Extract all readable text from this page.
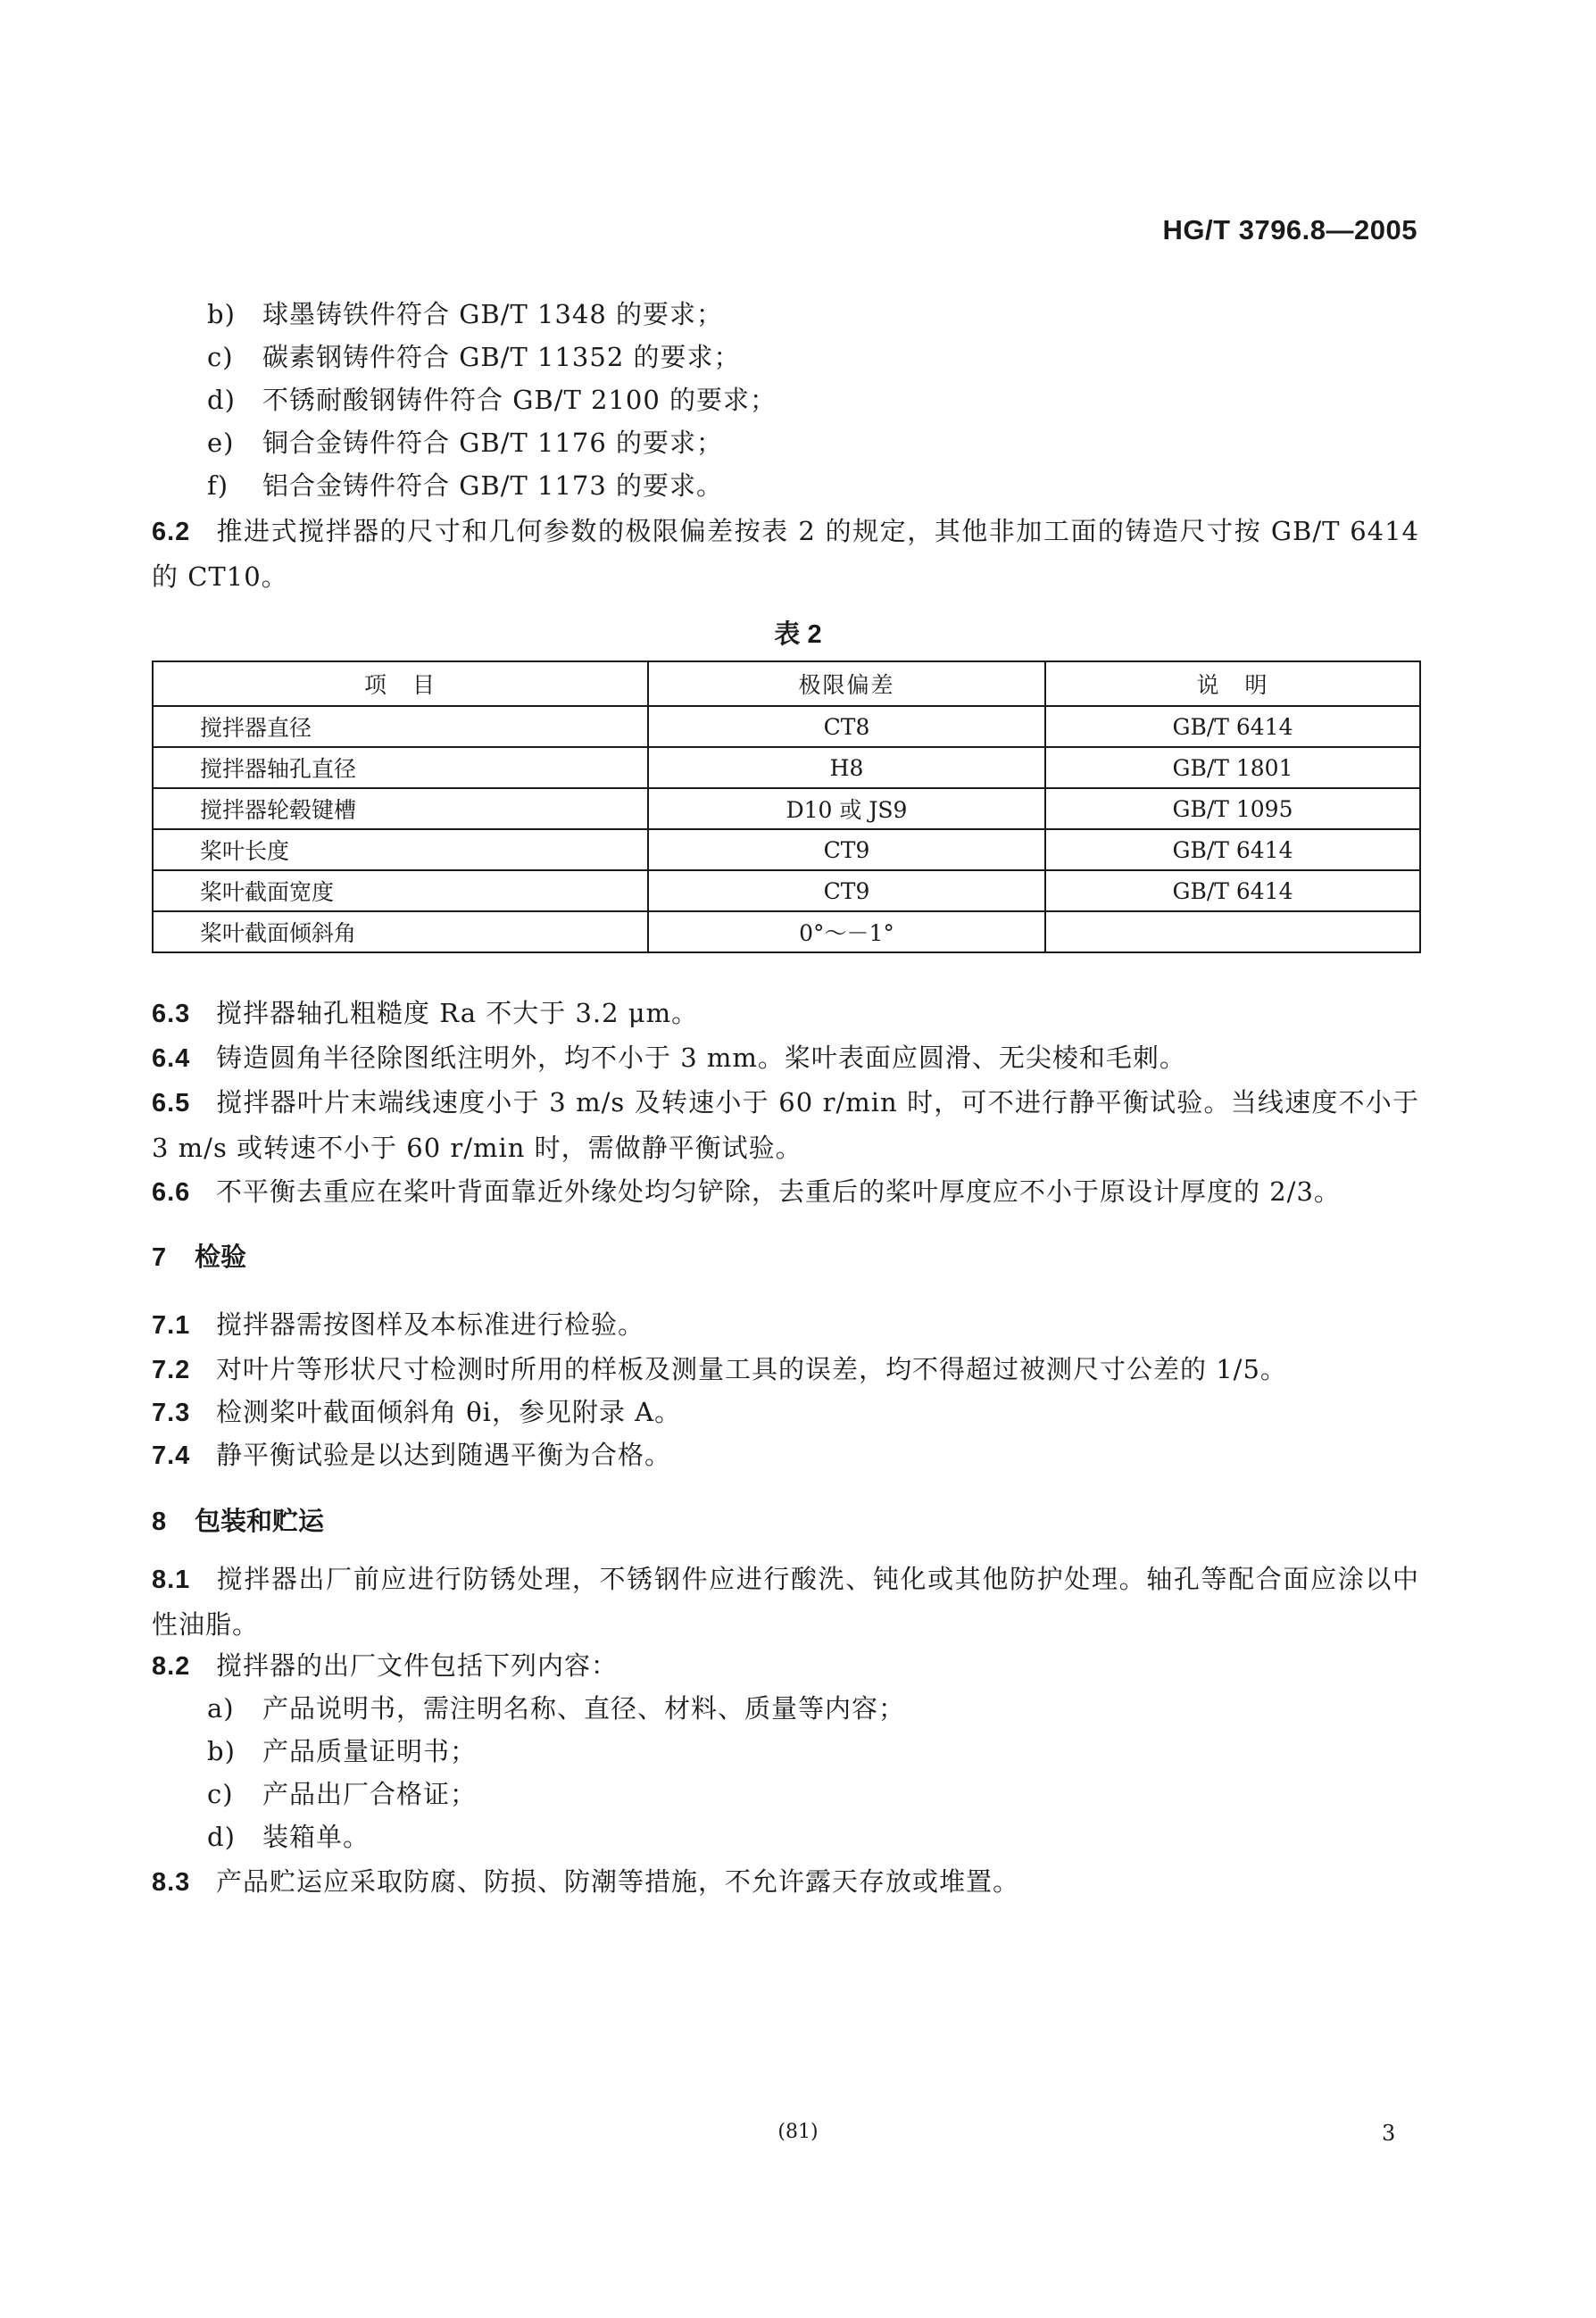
HG/T 3796.8—2005
b) 球墨铸铁件符合 GB/T 1348 的要求；
c) 碳素钢铸件符合 GB/T 11352 的要求；
d) 不锈耐酸钢铸件符合 GB/T 2100 的要求；
e) 铜合金铸件符合 GB/T 1176 的要求；
f) 铝合金铸件符合 GB/T 1173 的要求。
6.2 推进式搅拌器的尺寸和几何参数的极限偏差按表 2 的规定，其他非加工面的铸造尺寸按 GB/T 6414的 CT10。
表 2
项　目	极限偏差	说　明
搅拌器直径	CT8	GB/T 6414
搅拌器轴孔直径	H8	GB/T 1801
搅拌器轮毂键槽	D10 或 JS9	GB/T 1095
桨叶长度	CT9	GB/T 6414
桨叶截面宽度	CT9	GB/T 6414
桨叶截面倾斜角	0°～－1°	
6.3 搅拌器轴孔粗糙度 Ra 不大于 3.2 μm。
6.4 铸造圆角半径除图纸注明外，均不小于 3 mm。桨叶表面应圆滑、无尖棱和毛刺。
6.5 搅拌器叶片末端线速度小于 3 m/s 及转速小于 60 r/min 时，可不进行静平衡试验。当线速度不小于 3 m/s 或转速不小于 60 r/min 时，需做静平衡试验。
6.6 不平衡去重应在桨叶背面靠近外缘处均匀铲除，去重后的桨叶厚度应不小于原设计厚度的 2/3。
7 检验
7.1 搅拌器需按图样及本标准进行检验。
7.2 对叶片等形状尺寸检测时所用的样板及测量工具的误差，均不得超过被测尺寸公差的 1/5。
7.3 检测桨叶截面倾斜角 θi，参见附录 A。
7.4 静平衡试验是以达到随遇平衡为合格。
8 包装和贮运
8.1 搅拌器出厂前应进行防锈处理，不锈钢件应进行酸洗、钝化或其他防护处理。轴孔等配合面应涂以中性油脂。
8.2 搅拌器的出厂文件包括下列内容：
a) 产品说明书，需注明名称、直径、材料、质量等内容；
b) 产品质量证明书；
c) 产品出厂合格证；
d) 装箱单。
8.3 产品贮运应采取防腐、防损、防潮等措施，不允许露天存放或堆置。
(81)	3
